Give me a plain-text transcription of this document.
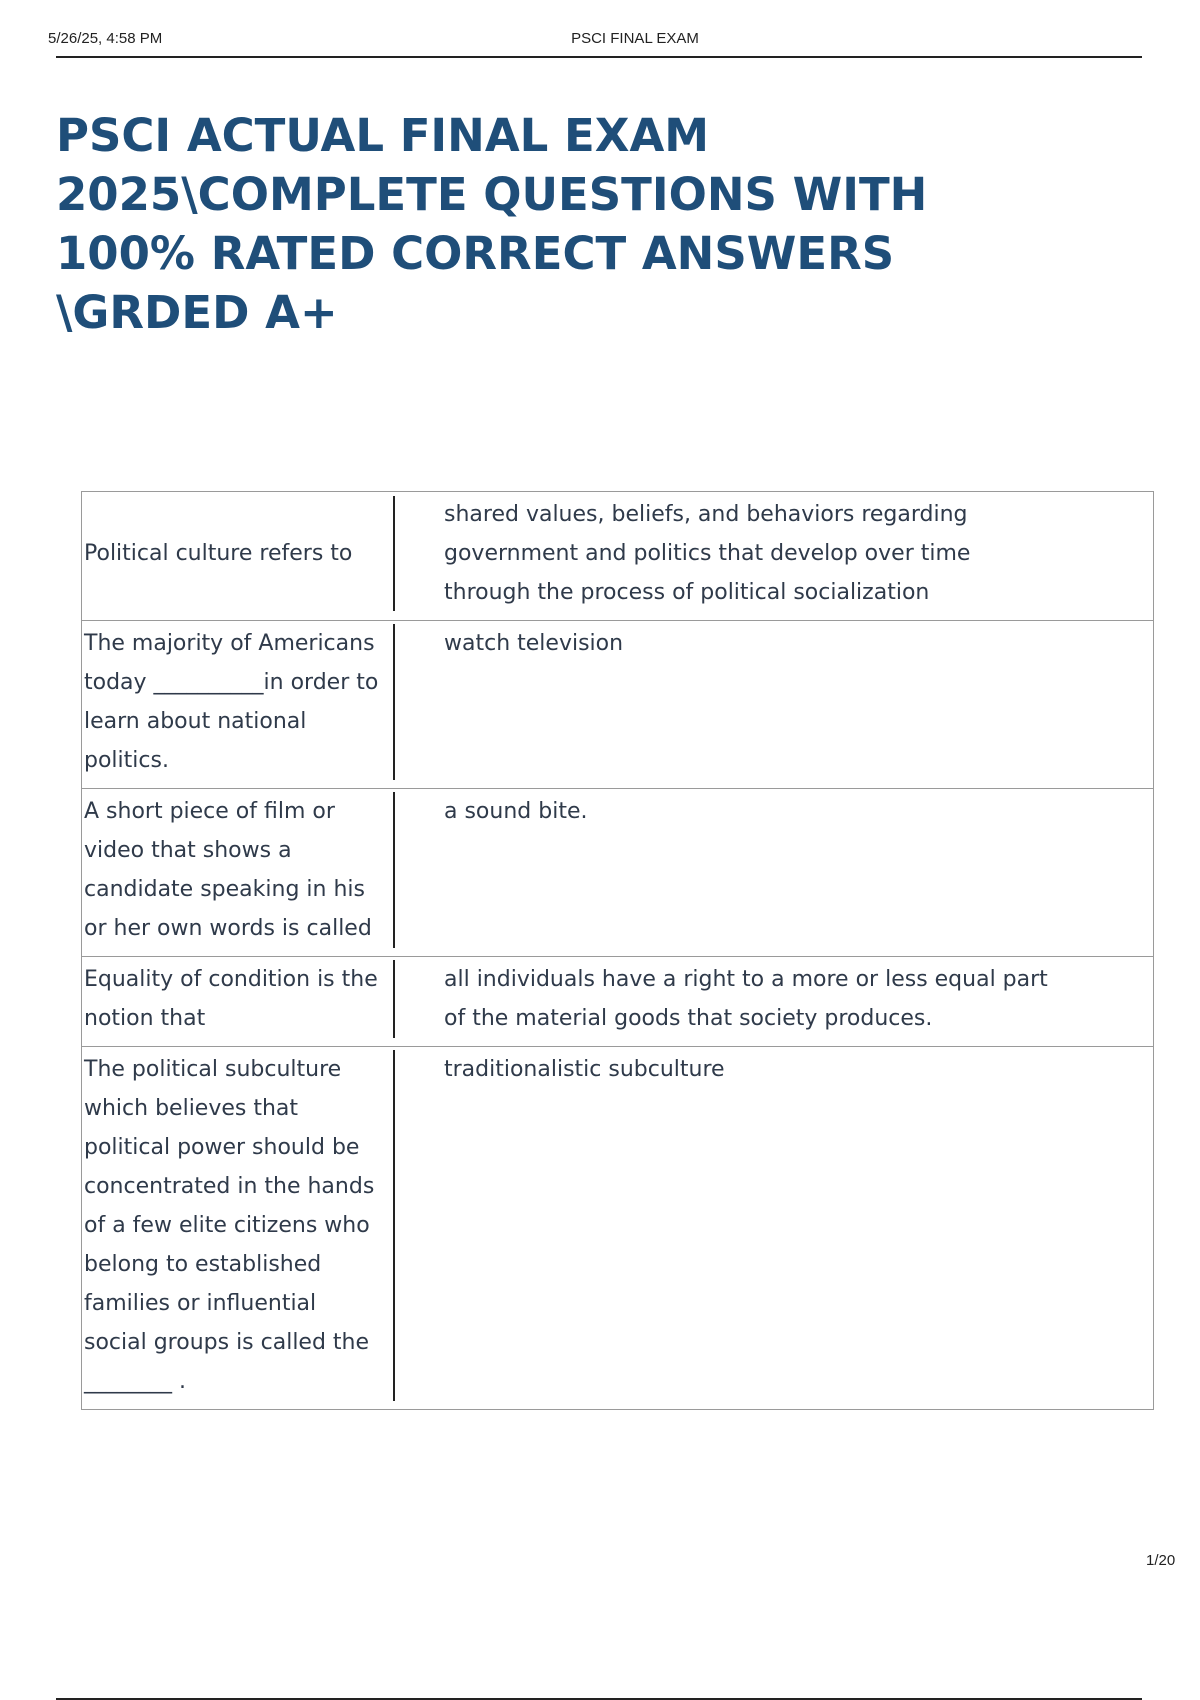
5/26/25, 4:58 PM	PSCI FINAL EXAM
PSCI ACTUAL FINAL EXAM 2025\COMPLETE QUESTIONS WITH 100% RATED CORRECT ANSWERS \GRDED A+
Political culture refers to	shared values, beliefs, and behaviors regarding government and politics that develop over time through the process of political socialization

The majority of Americans today __________in order to learn about national politics.	watch television

A short piece of film or video that shows a candidate speaking in his or her own words is called	a sound bite.

Equality of condition is the notion that	all individuals have a right to a more or less equal part of the material goods that society produces.

The political subculture which believes that political power should be concentrated in the hands of a few elite citizens who belong to established families or influential social groups is called the ________ .	traditionalistic subculture
1/20
